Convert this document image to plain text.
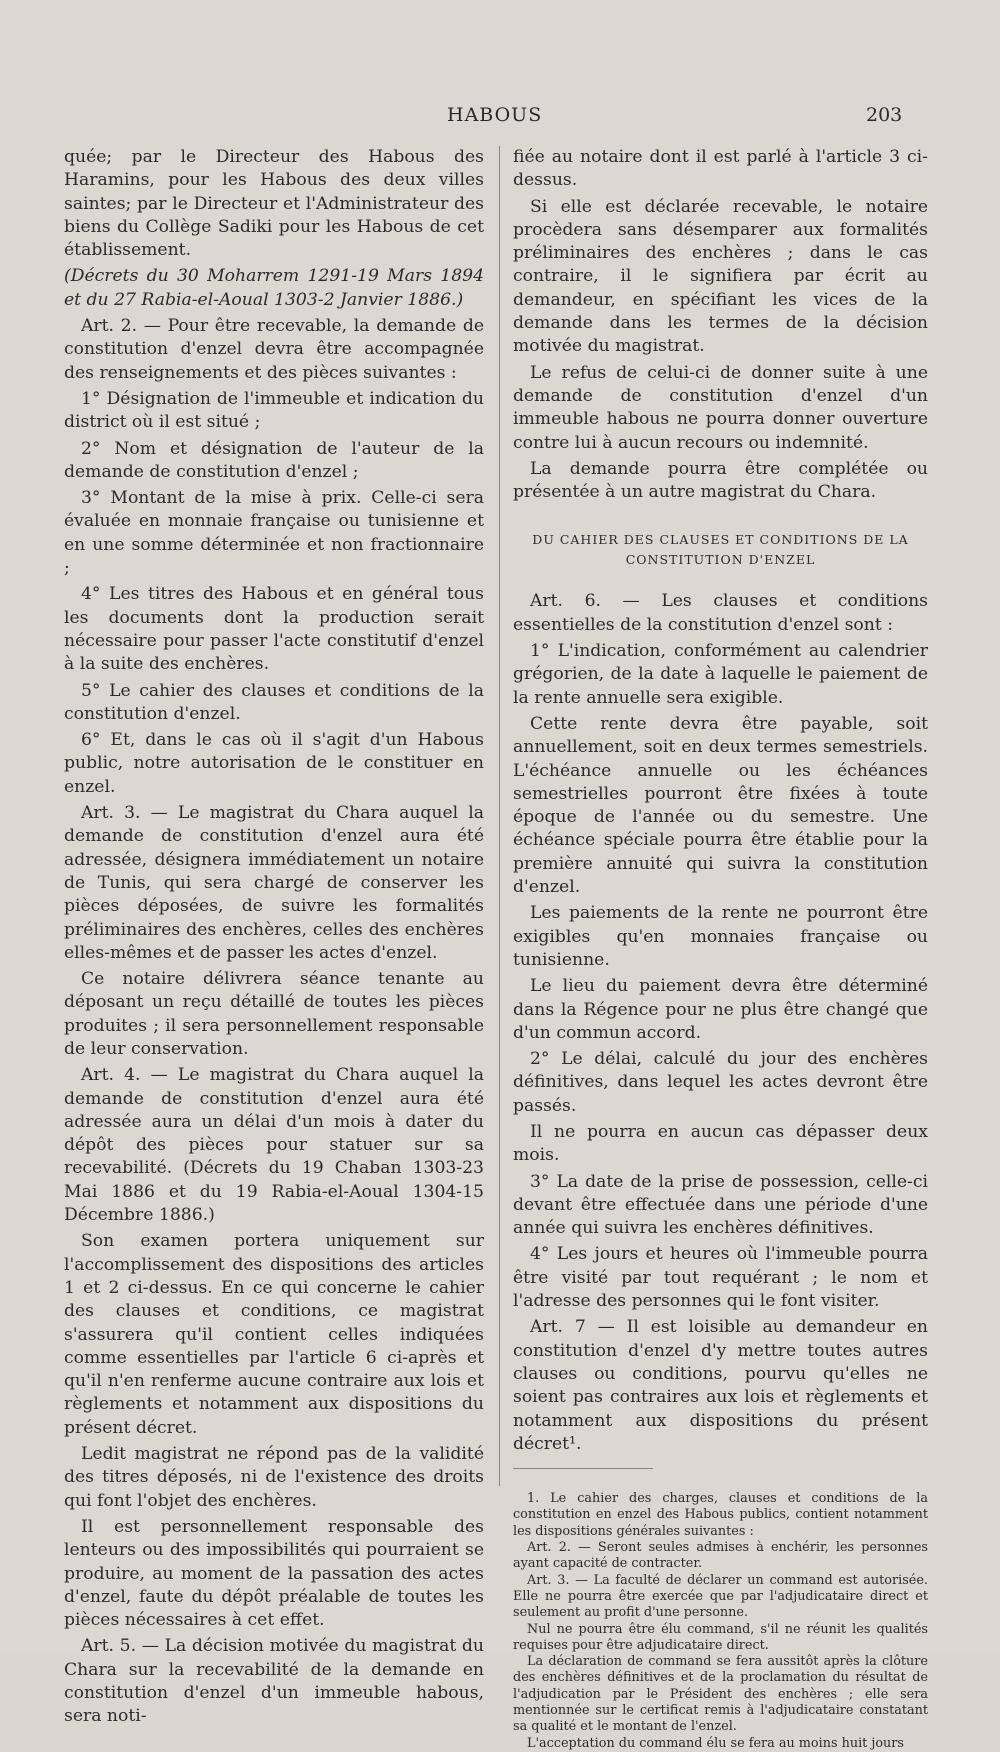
HABOUS	203

quée; par le Directeur des Habous des Haramins, pour les Habous des deux villes saintes; par le Directeur et l'Administrateur des biens du Collège Sadiki pour les Habous de cet établissement.

(Décrets du 30 Moharrem 1291-19 Mars 1894 et du 27 Rabia-el-Aoual 1303-2 Janvier 1886.)

Art. 2. — Pour être recevable, la demande de constitution d'enzel devra être accompagnée des renseignements et des pièces suivantes :

1° Désignation de l'immeuble et indication du district où il est situé ;

2° Nom et désignation de l'auteur de la demande de constitution d'enzel ;

3° Montant de la mise à prix. Celle-ci sera évaluée en monnaie française ou tunisienne et en une somme déterminée et non fractionnaire ;

4° Les titres des Habous et en général tous les documents dont la production serait nécessaire pour passer l'acte constitutif d'enzel à la suite des enchères.

5° Le cahier des clauses et conditions de la constitution d'enzel.

6° Et, dans le cas où il s'agit d'un Habous public, notre autorisation de le constituer en enzel.

Art. 3. — Le magistrat du Chara auquel la demande de constitution d'enzel aura été adressée, désignera immédiatement un notaire de Tunis, qui sera chargé de conserver les pièces déposées, de suivre les formalités préliminaires des enchères, celles des enchères elles-mêmes et de passer les actes d'enzel.

Ce notaire délivrera séance tenante au déposant un reçu détaillé de toutes les pièces produites ; il sera personnellement responsable de leur conservation.

Art. 4. — Le magistrat du Chara auquel la demande de constitution d'enzel aura été adressée aura un délai d'un mois à dater du dépôt des pièces pour statuer sur sa recevabilité. (Décrets du 19 Chaban 1303-23 Mai 1886 et du 19 Rabia-el-Aoual 1304-15 Décembre 1886.)

Son examen portera uniquement sur l'accomplissement des dispositions des articles 1 et 2 ci-dessus. En ce qui concerne le cahier des clauses et conditions, ce magistrat s'assurera qu'il contient celles indiquées comme essentielles par l'article 6 ci-après et qu'il n'en renferme aucune contraire aux lois et règlements et notamment aux dispositions du présent décret.

Ledit magistrat ne répond pas de la validité des titres déposés, ni de l'existence des droits qui font l'objet des enchères.

Il est personnellement responsable des lenteurs ou des impossibilités qui pourraient se produire, au moment de la passation des actes d'enzel, faute du dépôt préalable de toutes les pièces nécessaires à cet effet.

Art. 5. — La décision motivée du magistrat du Chara sur la recevabilité de la demande en constitution d'enzel d'un immeuble habous, sera noti-

fiée au notaire dont il est parlé à l'article 3 ci-dessus.

Si elle est déclarée recevable, le notaire procèdera sans désemparer aux formalités préliminaires des enchères ; dans le cas contraire, il le signifiera par écrit au demandeur, en spécifiant les vices de la demande dans les termes de la décision motivée du magistrat.

Le refus de celui-ci de donner suite à une demande de constitution d'enzel d'un immeuble habous ne pourra donner ouverture contre lui à aucun recours ou indemnité.

La demande pourra être complétée ou présentée à un autre magistrat du Chara.

DU CAHIER DES CLAUSES ET CONDITIONS DE LA CONSTITUTION D'ENZEL

Art. 6. — Les clauses et conditions essentielles de la constitution d'enzel sont :

1° L'indication, conformément au calendrier grégorien, de la date à laquelle le paiement de la rente annuelle sera exigible.

Cette rente devra être payable, soit annuellement, soit en deux termes semestriels. L'échéance annuelle ou les échéances semestrielles pourront être fixées à toute époque de l'année ou du semestre. Une échéance spéciale pourra être établie pour la première annuité qui suivra la constitution d'enzel.

Les paiements de la rente ne pourront être exigibles qu'en monnaies française ou tunisienne.

Le lieu du paiement devra être déterminé dans la Régence pour ne plus être changé que d'un commun accord.

2° Le délai, calculé du jour des enchères définitives, dans lequel les actes devront être passés.

Il ne pourra en aucun cas dépasser deux mois.

3° La date de la prise de possession, celle-ci devant être effectuée dans une période d'une année qui suivra les enchères définitives.

4° Les jours et heures où l'immeuble pourra être visité par tout requérant ; le nom et l'adresse des personnes qui le font visiter.

Art. 7 — Il est loisible au demandeur en constitution d'enzel d'y mettre toutes autres clauses ou conditions, pourvu qu'elles ne soient pas contraires aux lois et règlements et notamment aux dispositions du présent décret¹.

1. Le cahier des charges, clauses et conditions de la constitution en enzel des Habous publics, contient notamment les dispositions générales suivantes :

Art. 2. — Seront seules admises à enchérir, les personnes ayant capacité de contracter.

Art. 3. — La faculté de déclarer un command est autorisée. Elle ne pourra être exercée que par l'adjudicataire direct et seulement au profit d'une personne.

Nul ne pourra être élu command, s'il ne réunit les qualités requises pour être adjudicataire direct.

La déclaration de command se fera aussitôt après la clôture des enchères définitives et de la proclamation du résultat de l'adjudication par le Président des enchères ; elle sera mentionnée sur le certificat remis à l'adjudicataire constatant sa qualité et le montant de l'enzel.

L'acceptation du command élu se fera au moins huit jours
